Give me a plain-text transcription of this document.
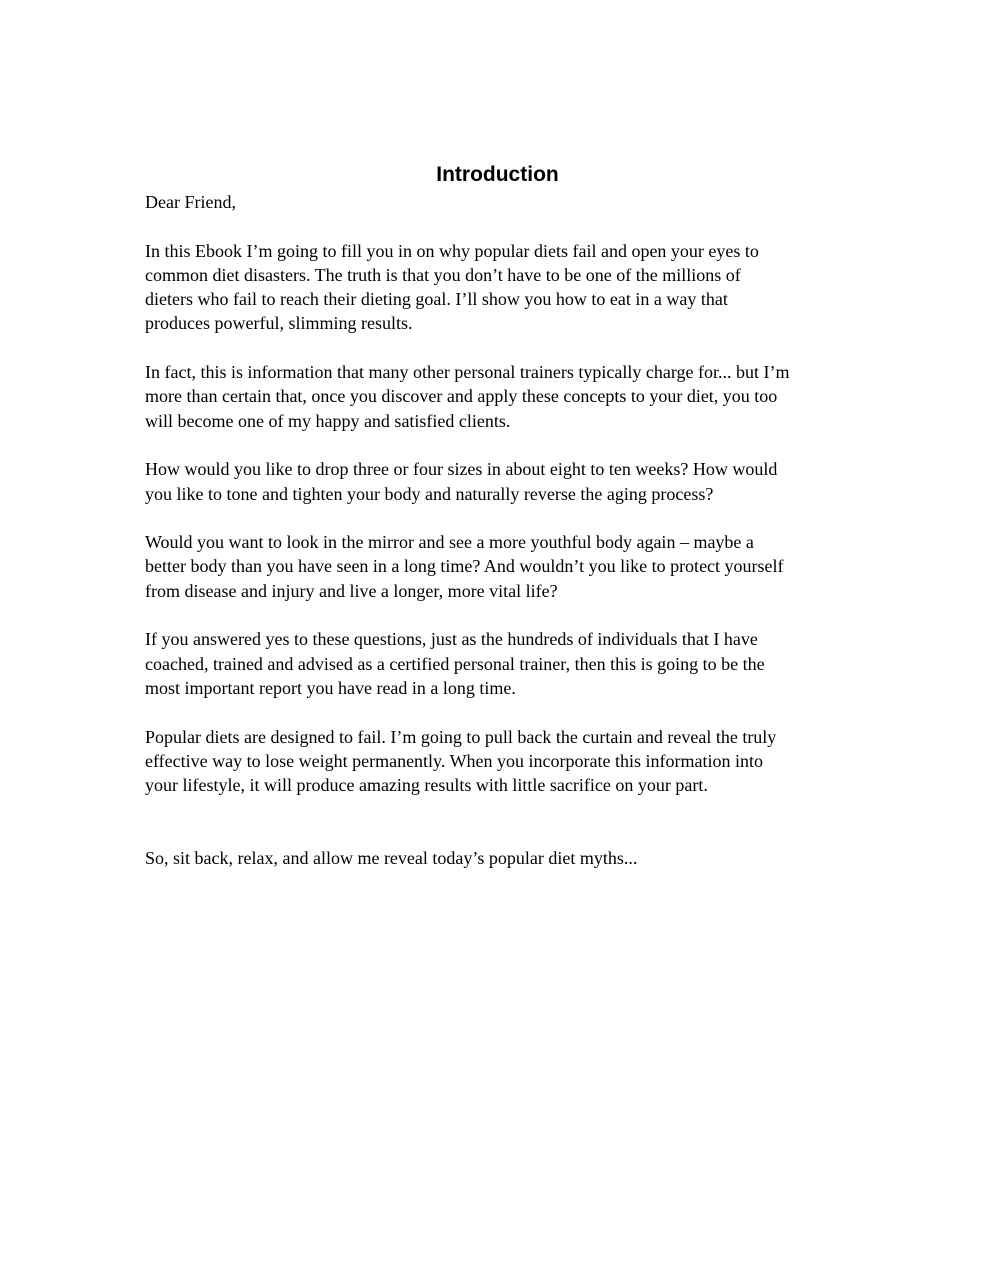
Introduction

Dear Friend,

In this Ebook I’m going to fill you in on why popular diets fail and open your eyes to
common diet disasters. The truth is that you don’t have to be one of the millions of
dieters who fail to reach their dieting goal. I’ll show you how to eat in a way that
produces powerful, slimming results.

In fact, this is information that many other personal trainers typically charge for... but I’m
more than certain that, once you discover and apply these concepts to your diet, you too
will become one of my happy and satisfied clients.

How would you like to drop three or four sizes in about eight to ten weeks? How would
you like to tone and tighten your body and naturally reverse the aging process?

Would you want to look in the mirror and see a more youthful body again – maybe a
better body than you have seen in a long time? And wouldn’t you like to protect yourself
from disease and injury and live a longer, more vital life?

If you answered yes to these questions, just as the hundreds of individuals that I have
coached, trained and advised as a certified personal trainer, then this is going to be the
most important report you have read in a long time.

Popular diets are designed to fail. I’m going to pull back the curtain and reveal the truly
effective way to lose weight permanently. When you incorporate this information into
your lifestyle, it will produce amazing results with little sacrifice on your part.

So, sit back, relax, and allow me reveal today’s popular diet myths...
